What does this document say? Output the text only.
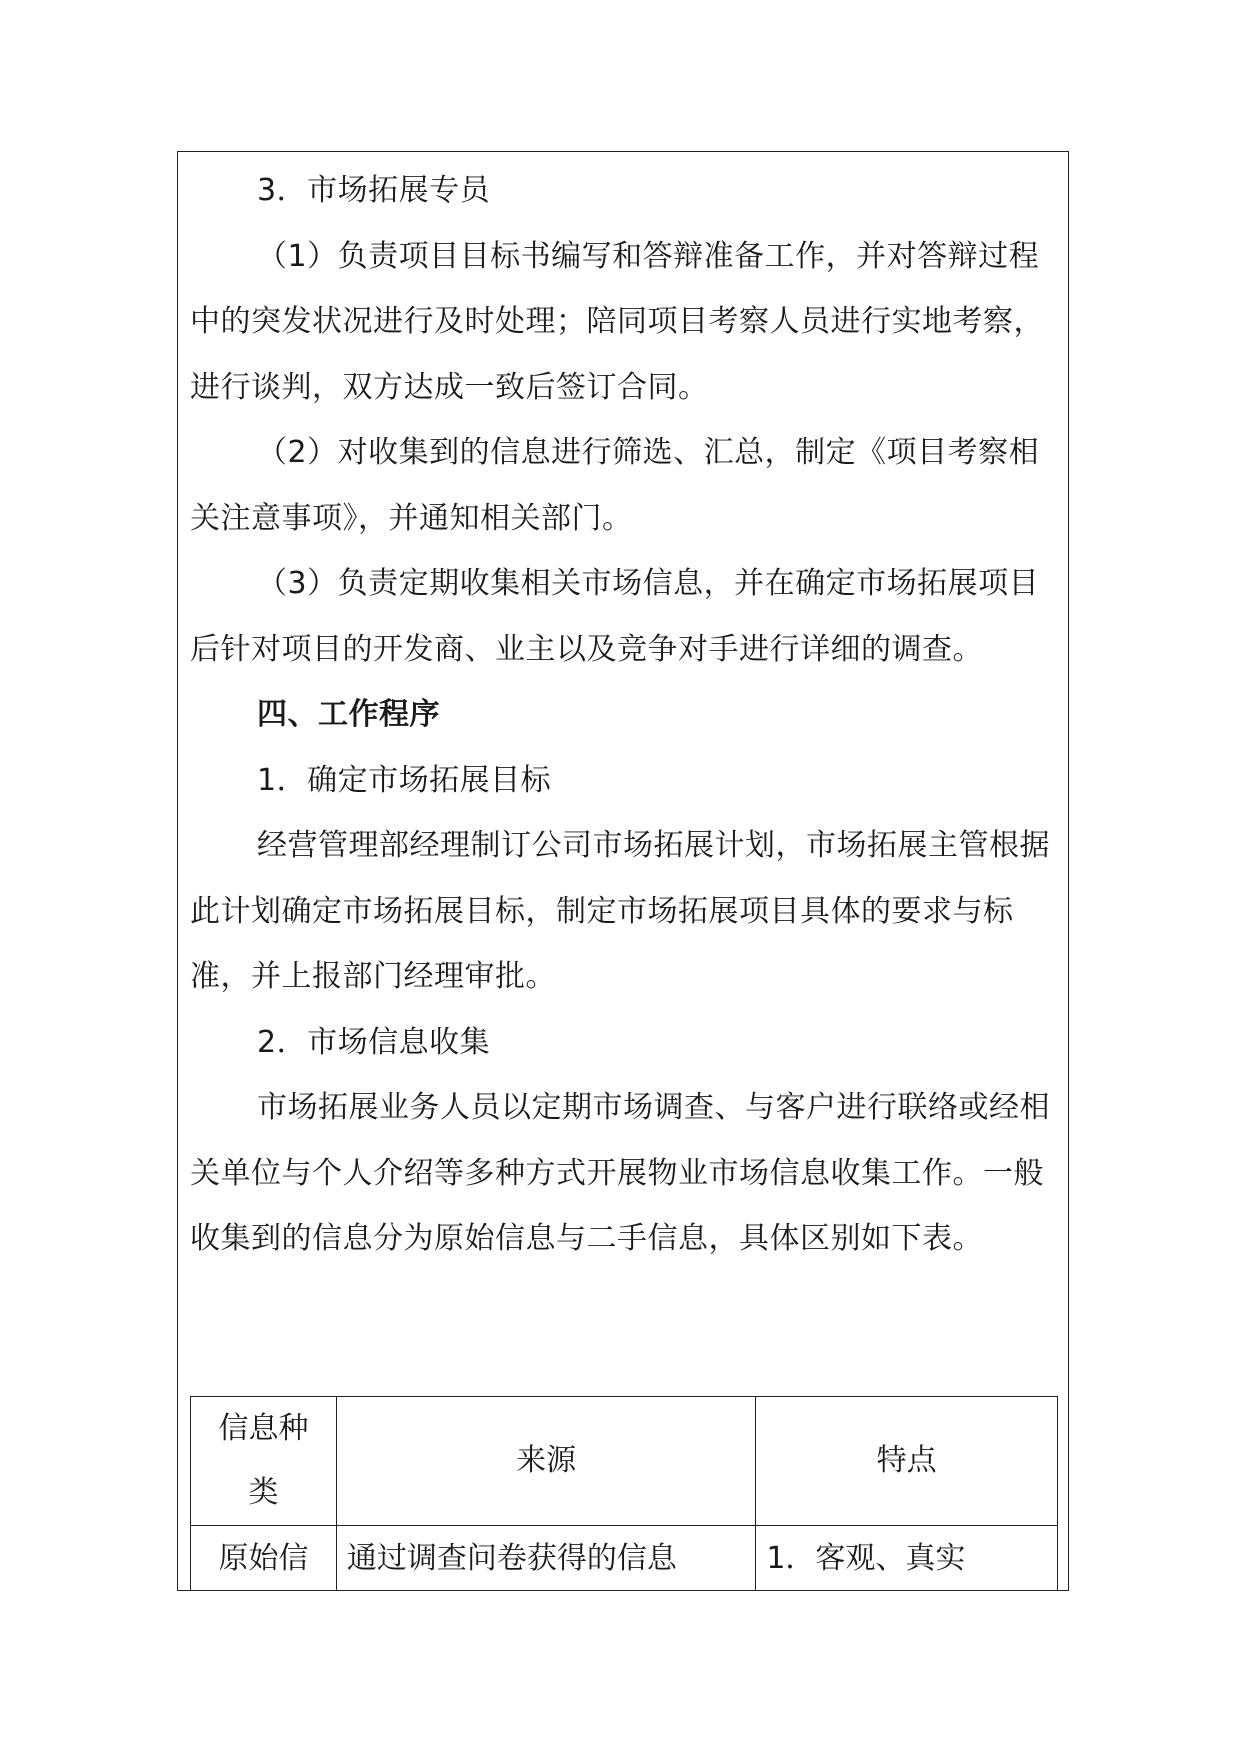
3．市场拓展专员

（1）负责项目目标书编写和答辩准备工作，并对答辩过程中的突发状况进行及时处理；陪同项目考察人员进行实地考察，进行谈判，双方达成一致后签订合同。

（2）对收集到的信息进行筛选、汇总，制定《项目考察相关注意事项》，并通知相关部门。

（3）负责定期收集相关市场信息，并在确定市场拓展项目后针对项目的开发商、业主以及竞争对手进行详细的调查。

四、工作程序

1．确定市场拓展目标

经营管理部经理制订公司市场拓展计划，市场拓展主管根据此计划确定市场拓展目标，制定市场拓展项目具体的要求与标准，并上报部门经理审批。

2．市场信息收集

市场拓展业务人员以定期市场调查、与客户进行联络或经相关单位与个人介绍等多种方式开展物业市场信息收集工作。一般收集到的信息分为原始信息与二手信息，具体区别如下表。

信息种类	来源	特点
原始信	通过调查问卷获得的信息	1．客观、真实
